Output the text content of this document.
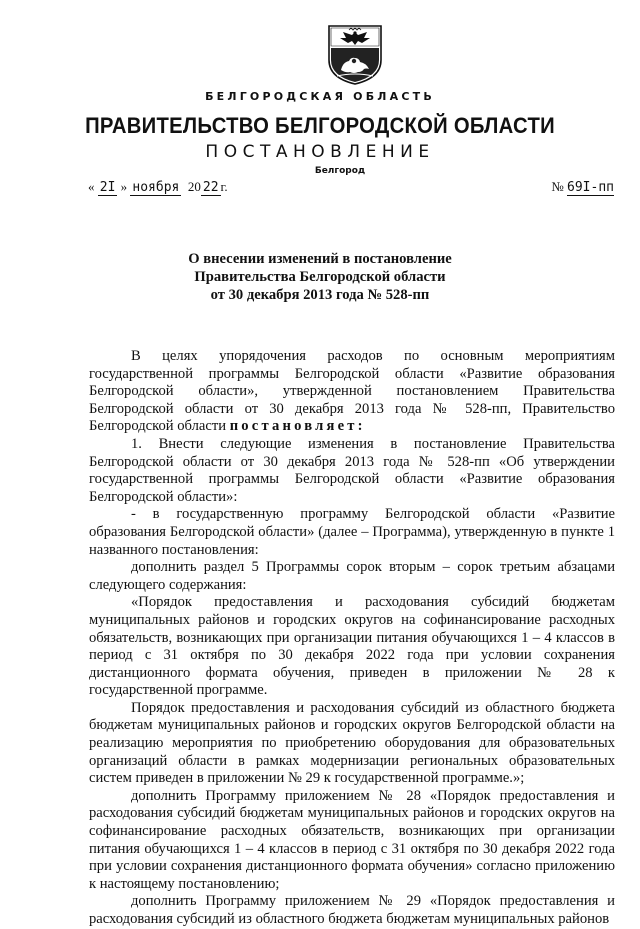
БЕЛГОРОДСКАЯ ОБЛАСТЬ
ПРАВИТЕЛЬСТВО БЕЛГОРОДСКОЙ ОБЛАСТИ
ПОСТАНОВЛЕНИЕ
Белгород
« 2I » ноября 20 22 г.	№ 69I-пп
О внесении изменений в постановление
Правительства Белгородской области
от 30 декабря 2013 года № 528-пп

В целях упорядочения расходов по основным мероприятиям государственной программы Белгородской области «Развитие образования Белгородской области», утвержденной постановлением Правительства Белгородской области от 30 декабря 2013 года № 528-пп, Правительство Белгородской области постановляет:

1. Внести следующие изменения в постановление Правительства Белгородской области от 30 декабря 2013 года № 528-пп «Об утверждении государственной программы Белгородской области «Развитие образования Белгородской области»:

- в государственную программу Белгородской области «Развитие образования Белгородской области» (далее – Программа), утвержденную в пункте 1 названного постановления:

дополнить раздел 5 Программы сорок вторым – сорок третьим абзацами следующего содержания:

«Порядок предоставления и расходования субсидий бюджетам муниципальных районов и городских округов на софинансирование расходных обязательств, возникающих при организации питания обучающихся 1 – 4 классов в период с 31 октября по 30 декабря 2022 года при условии сохранения дистанционного формата обучения, приведен в приложении № 28 к государственной программе.

Порядок предоставления и расходования субсидий из областного бюджета бюджетам муниципальных районов и городских округов Белгородской области на реализацию мероприятия по приобретению оборудования для образовательных организаций области в рамках модернизации региональных образовательных систем приведен в приложении № 29 к государственной программе.»;

дополнить Программу приложением № 28 «Порядок предоставления и расходования субсидий бюджетам муниципальных районов и городских округов на софинансирование расходных обязательств, возникающих при организации питания обучающихся 1 – 4 классов в период с 31 октября по 30 декабря 2022 года при условии сохранения дистанционного формата обучения» согласно приложению к настоящему постановлению;

дополнить Программу приложением № 29 «Порядок предоставления и расходования субсидий из областного бюджета бюджетам муниципальных районов
